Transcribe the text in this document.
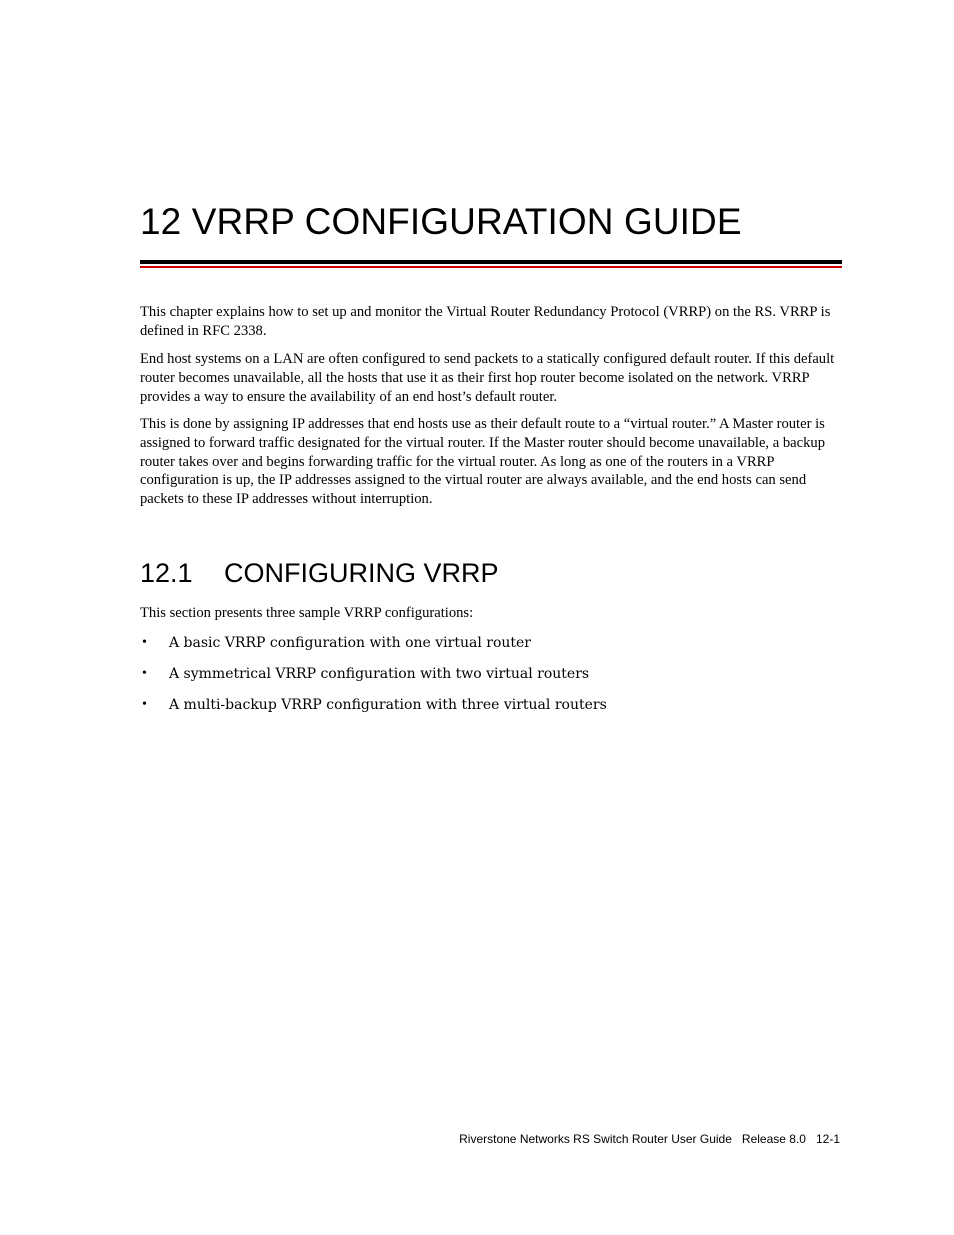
12 VRRP CONFIGURATION GUIDE

This chapter explains how to set up and monitor the Virtual Router Redundancy Protocol (VRRP) on the RS. VRRP is defined in RFC 2338.

End host systems on a LAN are often configured to send packets to a statically configured default router. If this default router becomes unavailable, all the hosts that use it as their first hop router become isolated on the network. VRRP provides a way to ensure the availability of an end host’s default router.

This is done by assigning IP addresses that end hosts use as their default route to a “virtual router.” A Master router is assigned to forward traffic designated for the virtual router. If the Master router should become unavailable, a backup router takes over and begins forwarding traffic for the virtual router. As long as one of the routers in a VRRP configuration is up, the IP addresses assigned to the virtual router are always available, and the end hosts can send packets to these IP addresses without interruption.

12.1 CONFIGURING VRRP

This section presents three sample VRRP configurations:

• A basic VRRP configuration with one virtual router
• A symmetrical VRRP configuration with two virtual routers
• A multi-backup VRRP configuration with three virtual routers
Riverstone Networks RS Switch Router User Guide Release 8.0 12-1
